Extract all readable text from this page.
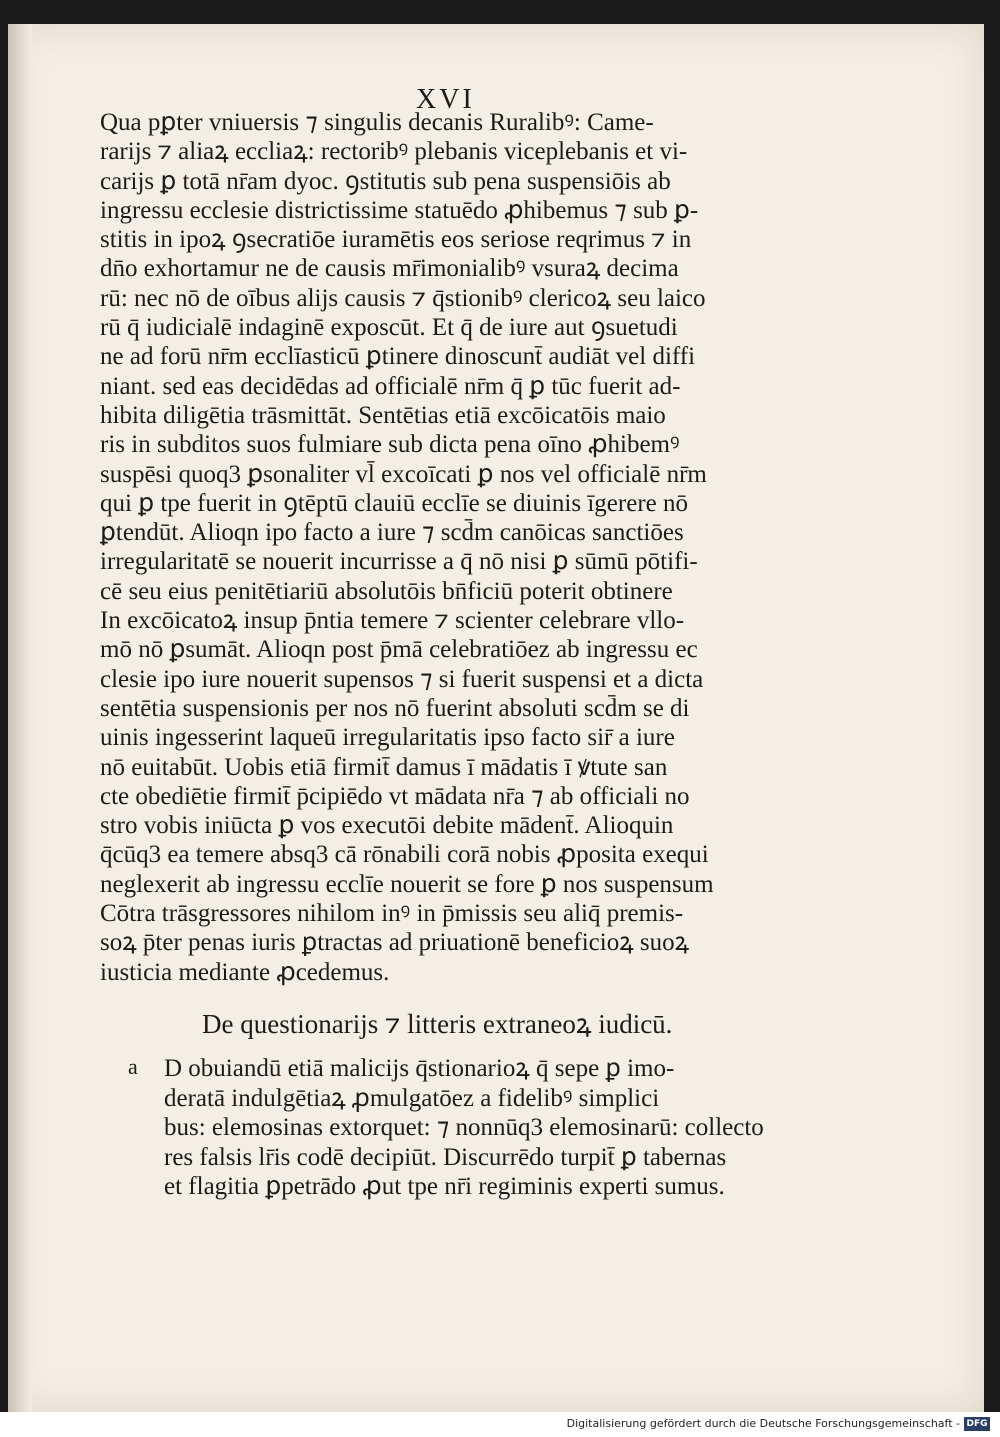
XVI
Qua pꝑter vniuersis ⁊ singulis decanis Ruralibꝰ: Came-
rarijs ⁊ aliaꝝ eccliaꝝ: rectoribꝰ plebanis viceplebanis et vi-
carijs ꝑ totā nr̄am dyoc. ꝯstitutis sub pena suspensiōis ab
ingressu ecclesie districtissime statuēdo ꝓhibemus ⁊ sub ꝑ-
stitis in ipoꝝ ꝯsecratiōe iuramētis eos seriose reqrimus ⁊ in
dn̄o exhortamur ne de causis mr̄imonialibꝰ vsuraꝝ decima
rū: nec nō de oībus alijs causis ⁊ q̄stionibꝰ clericoꝝ seu laico
rū q̄ iudicialē indaginē exposcūt. Et q̄ de iure aut ꝯsuetudi
ne ad forū nr̄m ecclīasticū ꝑtinere dinoscunt̄ audiāt vel diffi
niant. sed eas decidēdas ad officialē nr̄m q̄ ꝑ tūc fuerit ad-
hibita diligētia trāsmittāt. Sentētias etiā excōicatōis maio
ris in subditos suos fulmiare sub dicta pena oīno ꝓhibemꝰ
suspēsi quoq3 ꝑsonaliter vl̄ excoīcati ꝑ nos vel officialē nr̄m
qui ꝑ tpe fuerit in ꝯtēptū clauiū ecclīe se diuinis īgerere nō
ꝑtendūt. Alioqn ipo facto a iure ⁊ scd̄m canōicas sanctiōes
irregularitatē se nouerit incurrisse a q̄ nō nisi ꝑ sūmū pōtifi-
cē seu eius penitētiariū absolutōis bn̄ficiū poterit obtinere
In excōicatoꝝ insup p̄ntia temere ⁊ scienter celebrare vllo-
mō nō ꝑsumāt. Alioqn post p̄mā celebratiōez ab ingressu ec
clesie ipo iure nouerit supensos ⁊ si fuerit suspensi et a dicta
sentētia suspensionis per nos nō fuerint absoluti scd̄m se di
uinis ingesserint laqueū irregularitatis ipso facto sir̄ a iure
nō euitabūt. Uobis etiā firmit̄ damus ī mādatis ī ꝟtute san
cte obediētie firmit̄ p̄cipiēdo vt mādata nr̄a ⁊ ab officiali no
stro vobis iniūcta ꝑ vos executōi debite mādent̄. Alioquin
q̄cūq3 ea temere absq3 cā rōnabili corā nobis ꝓposita exequi
neglexerit ab ingressu ecclīe nouerit se fore ꝑ nos suspensum
Cōtra trāsgressores nihilom inꝰ in p̄missis seu aliq̄ premis-
soꝝ p̄ter penas iuris ꝑtractas ad priuationē beneficioꝝ suoꝝ
iusticia mediante ꝓcedemus.
De questionarijs ⁊ litteris extraneoꝝ iudicū.
a D obuiandū etiā malicijs q̄stionarioꝝ q̄ sepe ꝑ imo-
deratā indulgētiaꝝ ꝓmulgatōez a fidelibꝰ simplici
bus: elemosinas extorquet: ⁊ nonnūq3 elemosinarū: collecto
res falsis lr̄is codē decipiūt. Discurrēdo turpit̄ ꝑ tabernas
et flagitia ꝑpetrādo ꝓut tpe nr̄i regiminis experti sumus.
Digitalisierung gefördert durch die Deutsche Forschungsgemeinschaft - DFG
